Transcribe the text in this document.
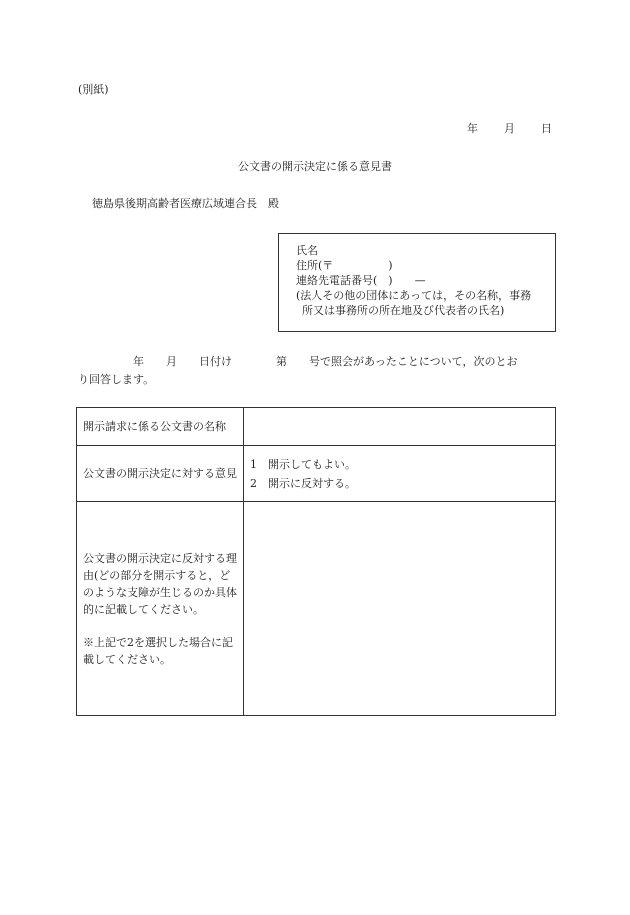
(別紙)
年 月 日
公文書の開示決定に係る意見書
徳島県後期高齢者医療広域連合長　殿
氏名
住所(〒　　　　　)
連絡先電話番号(　)　　—
(法人その他の団体にあっては，その名称，事務
所又は事務所の所在地及び代表者の氏名)
　　　　　年　　月　　日付け　　　　第　　号で照会があったことについて，次のとお
り回答します。
開示請求に係る公文書の名称	
公文書の開示決定に対する意見	1　開示してもよい。
2　開示に反対する。

公文書の開示決定に反対する理由(どの部分を開示すると，どのような支障が生じるのか具体的に記載してください。
※上記で2を選択した場合に記載してください。	
